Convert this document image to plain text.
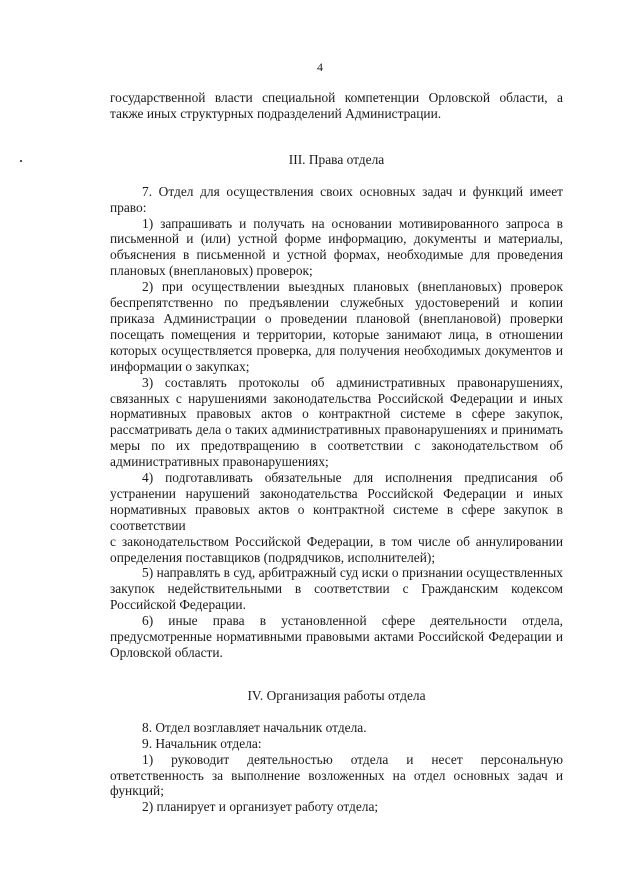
4

государственной власти специальной компетенции Орловской области, а также иных структурных подразделений Администрации.

III. Права отдела

7. Отдел для осуществления своих основных задач и функций имеет право:

1) запрашивать и получать на основании мотивированного запроса в письменной и (или) устной форме информацию, документы и материалы, объяснения в письменной и устной формах, необходимые для проведения плановых (внеплановых) проверок;

2) при осуществлении выездных плановых (внеплановых) проверок беспрепятственно по предъявлении служебных удостоверений и копии приказа Администрации о проведении плановой (внеплановой) проверки посещать помещения и территории, которые занимают лица, в отношении которых осуществляется проверка, для получения необходимых документов и информации о закупках;

3) составлять протоколы об административных правонарушениях, связанных с нарушениями законодательства Российской Федерации и иных нормативных правовых актов о контрактной системе в сфере закупок, рассматривать дела о таких административных правонарушениях и принимать меры по их предотвращению в соответствии с законодательством об административных правонарушениях;

4) подготавливать обязательные для исполнения предписания об устранении нарушений законодательства Российской Федерации и иных нормативных правовых актов о контрактной системе в сфере закупок в соответствии

с законодательством Российской Федерации, в том числе об аннулировании определения поставщиков (подрядчиков, исполнителей);

5) направлять в суд, арбитражный суд иски о признании осуществленных закупок недействительными в соответствии с Гражданским кодексом Российской Федерации.

6) иные права в установленной сфере деятельности отдела, предусмотренные нормативными правовыми актами Российской Федерации и Орловской области.

IV. Организация работы отдела

8. Отдел возглавляет начальник отдела.

9. Начальник отдела:

1) руководит деятельностью отдела и несет персональную ответственность за выполнение возложенных на отдел основных задач и функций;

2) планирует и организует работу отдела;
